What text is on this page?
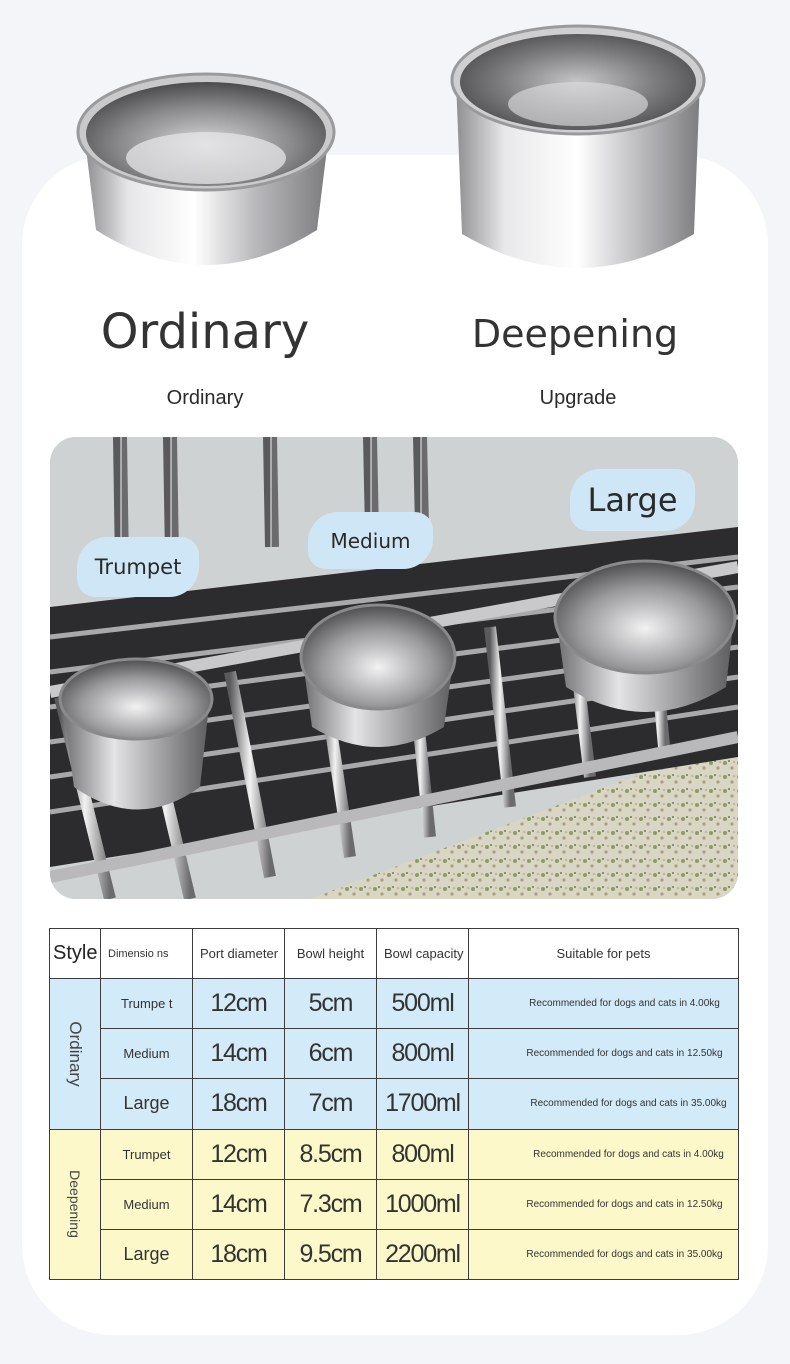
Ordinary	Deepening
Ordinary	Upgrade
Trumpet
Medium
Large
Style	Dimensio ns	Port diameter	Bowl height	Bowl capacity	Suitable for pets

Ordinary	Trumpe t	12cm	5cm	500ml	Recommended for dogs and cats in 4.00kg
	Medium	14cm	6cm	800ml	Recommended for dogs and cats in 12.50kg
	Large	18cm	7cm	1700ml	Recommended for dogs and cats in 35.00kg

Deepening	Trumpet	12cm	8.5cm	800ml	Recommended for dogs and cats in 4.00kg
	Medium	14cm	7.3cm	1000ml	Recommended for dogs and cats in 12.50kg
	Large	18cm	9.5cm	2200ml	Recommended for dogs and cats in 35.00kg
